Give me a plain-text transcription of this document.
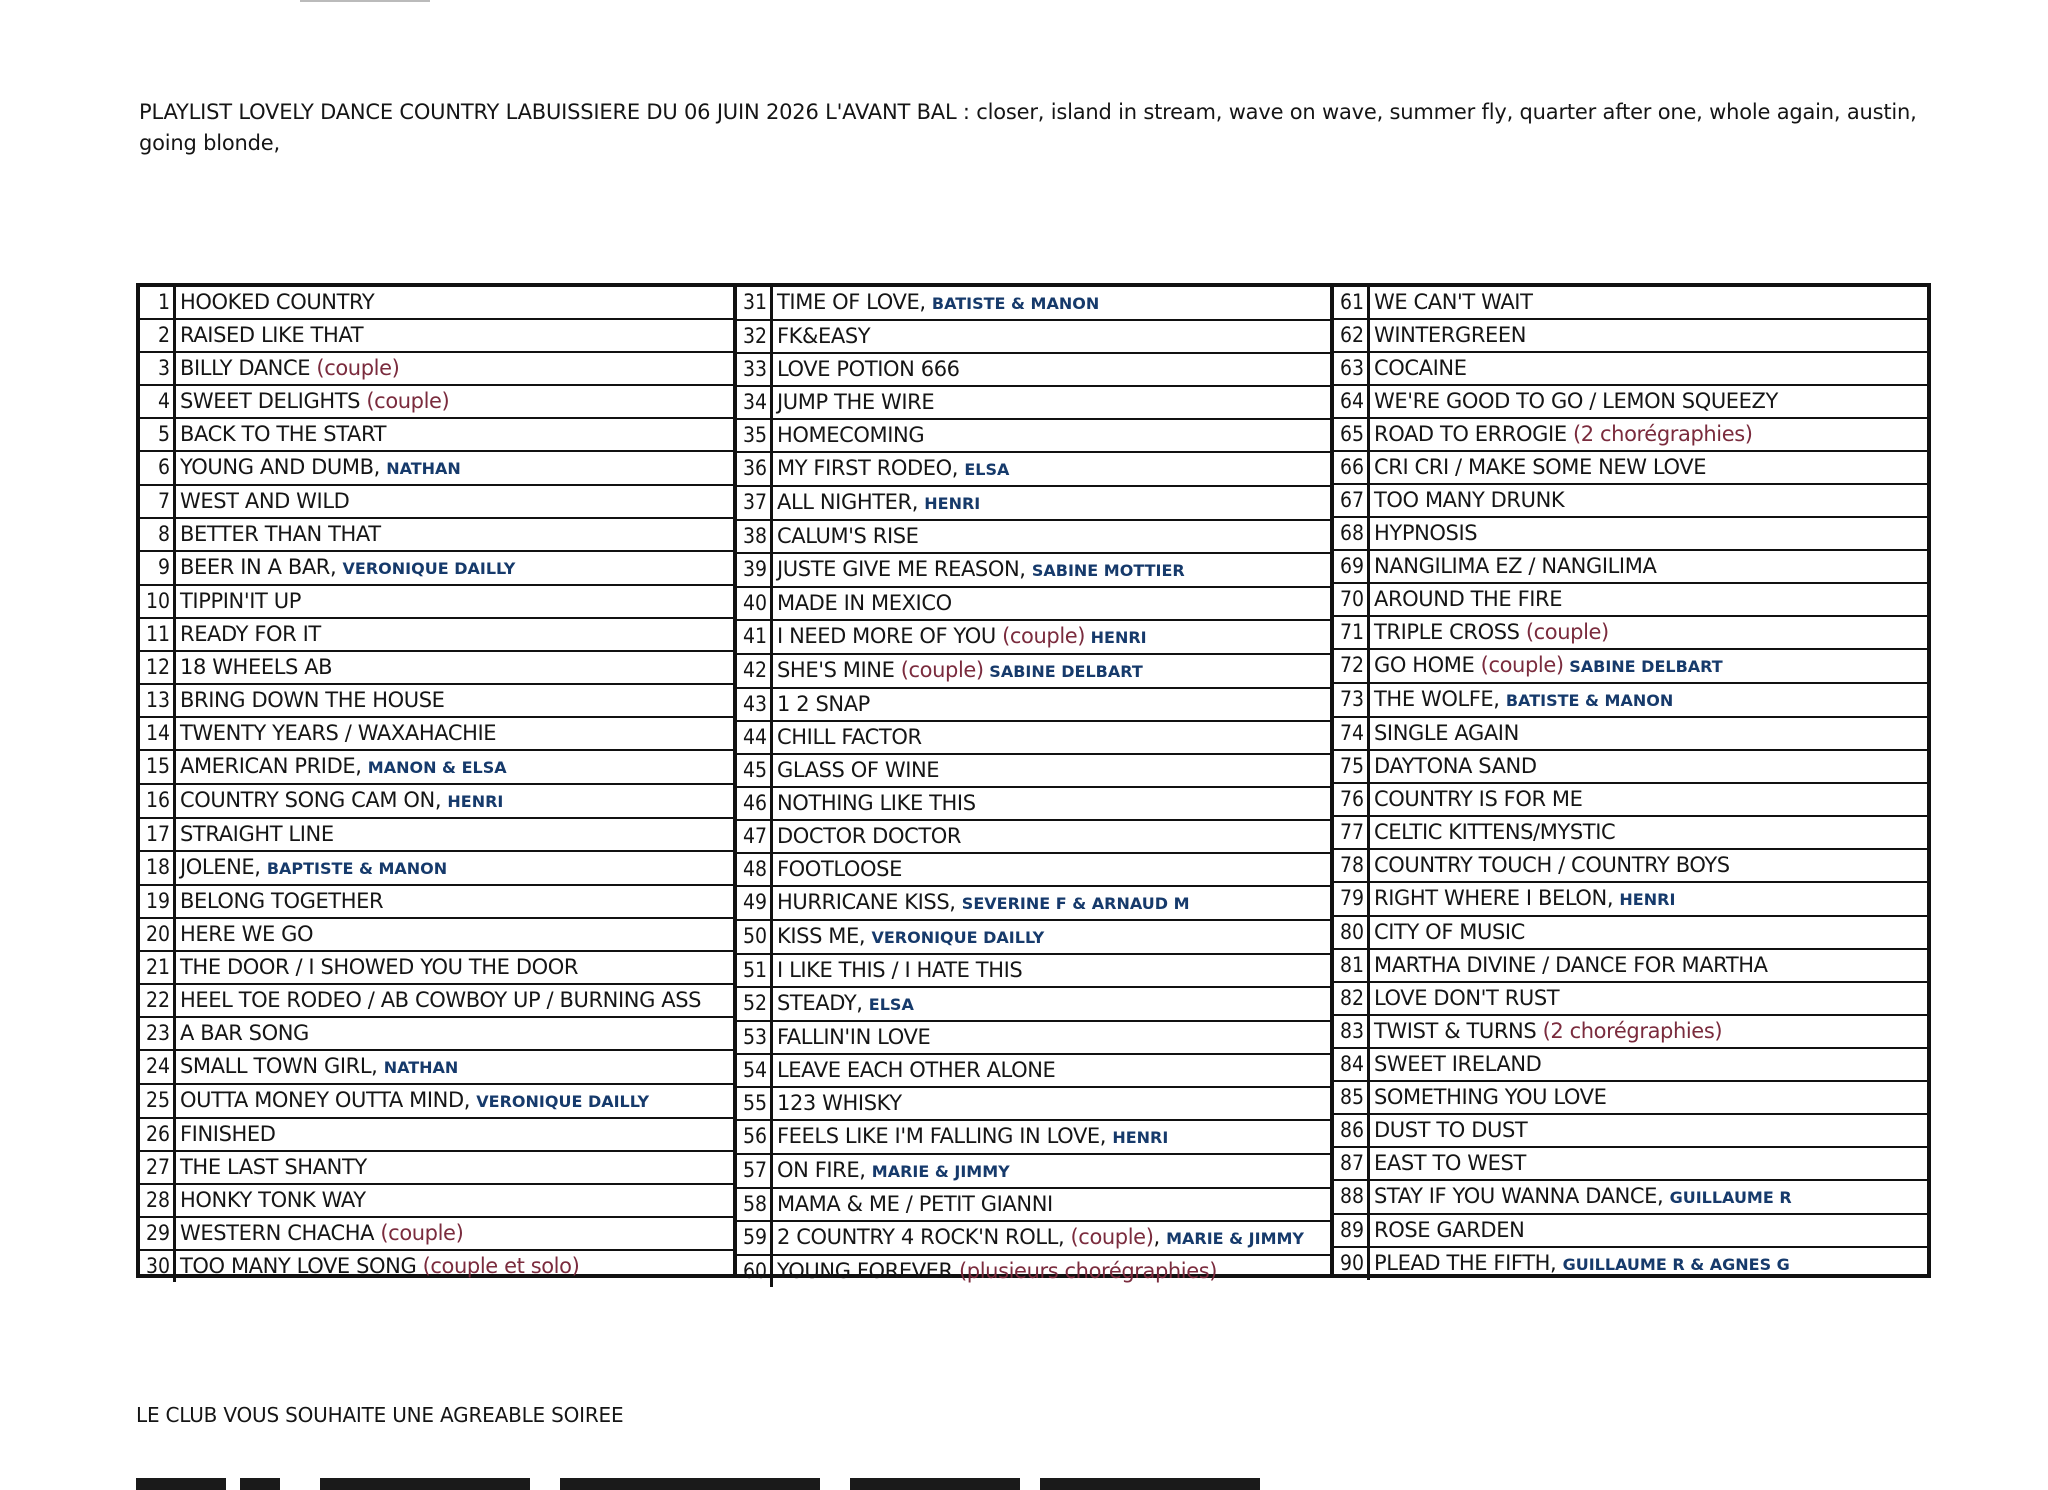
PLAYLIST LOVELY DANCE COUNTRY LABUISSIERE DU 06 JUIN 2026 L'AVANT BAL : closer, island in stream, wave on wave, summer fly, quarter after one, whole again, austin, going blonde,
1 HOOKED COUNTRY
2 RAISED LIKE THAT
3 BILLY DANCE (couple)
4 SWEET DELIGHTS (couple)
5 BACK TO THE START
6 YOUNG AND DUMB, NATHAN
7 WEST AND WILD
8 BETTER THAN THAT
9 BEER IN A BAR, VERONIQUE DAILLY
10 TIPPIN'IT UP
11 READY FOR IT
12 18 WHEELS AB
13 BRING DOWN THE HOUSE
14 TWENTY YEARS / WAXAHACHIE
15 AMERICAN PRIDE, MANON & ELSA
16 COUNTRY SONG CAM ON, HENRI
17 STRAIGHT LINE
18 JOLENE, BAPTISTE & MANON
19 BELONG TOGETHER
20 HERE WE GO
21 THE DOOR / I SHOWED YOU THE DOOR
22 HEEL TOE RODEO / AB COWBOY UP / BURNING ASS
23 A BAR SONG
24 SMALL TOWN GIRL, NATHAN
25 OUTTA MONEY OUTTA MIND, VERONIQUE DAILLY
26 FINISHED
27 THE LAST SHANTY
28 HONKY TONK WAY
29 WESTERN CHACHA (couple)
30 TOO MANY LOVE SONG (couple et solo)
31 TIME OF LOVE, BATISTE & MANON
32 FK&EASY
33 LOVE POTION 666
34 JUMP THE WIRE
35 HOMECOMING
36 MY FIRST RODEO, ELSA
37 ALL NIGHTER, HENRI
38 CALUM'S RISE
39 JUSTE GIVE ME REASON, SABINE MOTTIER
40 MADE IN MEXICO
41 I NEED MORE OF YOU (couple) HENRI
42 SHE'S MINE (couple) SABINE DELBART
43 1 2 SNAP
44 CHILL FACTOR
45 GLASS OF WINE
46 NOTHING LIKE THIS
47 DOCTOR DOCTOR
48 FOOTLOOSE
49 HURRICANE KISS, SEVERINE F & ARNAUD M
50 KISS ME, VERONIQUE DAILLY
51 I LIKE THIS / I HATE THIS
52 STEADY, ELSA
53 FALLIN'IN LOVE
54 LEAVE EACH OTHER ALONE
55 123 WHISKY
56 FEELS LIKE I'M FALLING IN LOVE, HENRI
57 ON FIRE, MARIE & JIMMY
58 MAMA & ME / PETIT GIANNI
59 2 COUNTRY 4 ROCK'N ROLL, (couple), MARIE & JIMMY
60 YOUNG FOREVER (plusieurs chorégraphies)
61 WE CAN'T WAIT
62 WINTERGREEN
63 COCAINE
64 WE'RE GOOD TO GO / LEMON SQUEEZY
65 ROAD TO ERROGIE (2 chorégraphies)
66 CRI CRI / MAKE SOME NEW LOVE
67 TOO MANY DRUNK
68 HYPNOSIS
69 NANGILIMA EZ / NANGILIMA
70 AROUND THE FIRE
71 TRIPLE CROSS (couple)
72 GO HOME (couple) SABINE DELBART
73 THE WOLFE, BATISTE & MANON
74 SINGLE AGAIN
75 DAYTONA SAND
76 COUNTRY IS FOR ME
77 CELTIC KITTENS/MYSTIC
78 COUNTRY TOUCH / COUNTRY BOYS
79 RIGHT WHERE I BELON, HENRI
80 CITY OF MUSIC
81 MARTHA DIVINE / DANCE FOR MARTHA
82 LOVE DON'T RUST
83 TWIST & TURNS (2 chorégraphies)
84 SWEET IRELAND
85 SOMETHING YOU LOVE
86 DUST TO DUST
87 EAST TO WEST
88 STAY IF YOU WANNA DANCE, GUILLAUME R
89 ROSE GARDEN
90 PLEAD THE FIFTH, GUILLAUME R & AGNES G
LE CLUB VOUS SOUHAITE UNE AGREABLE SOIREE
